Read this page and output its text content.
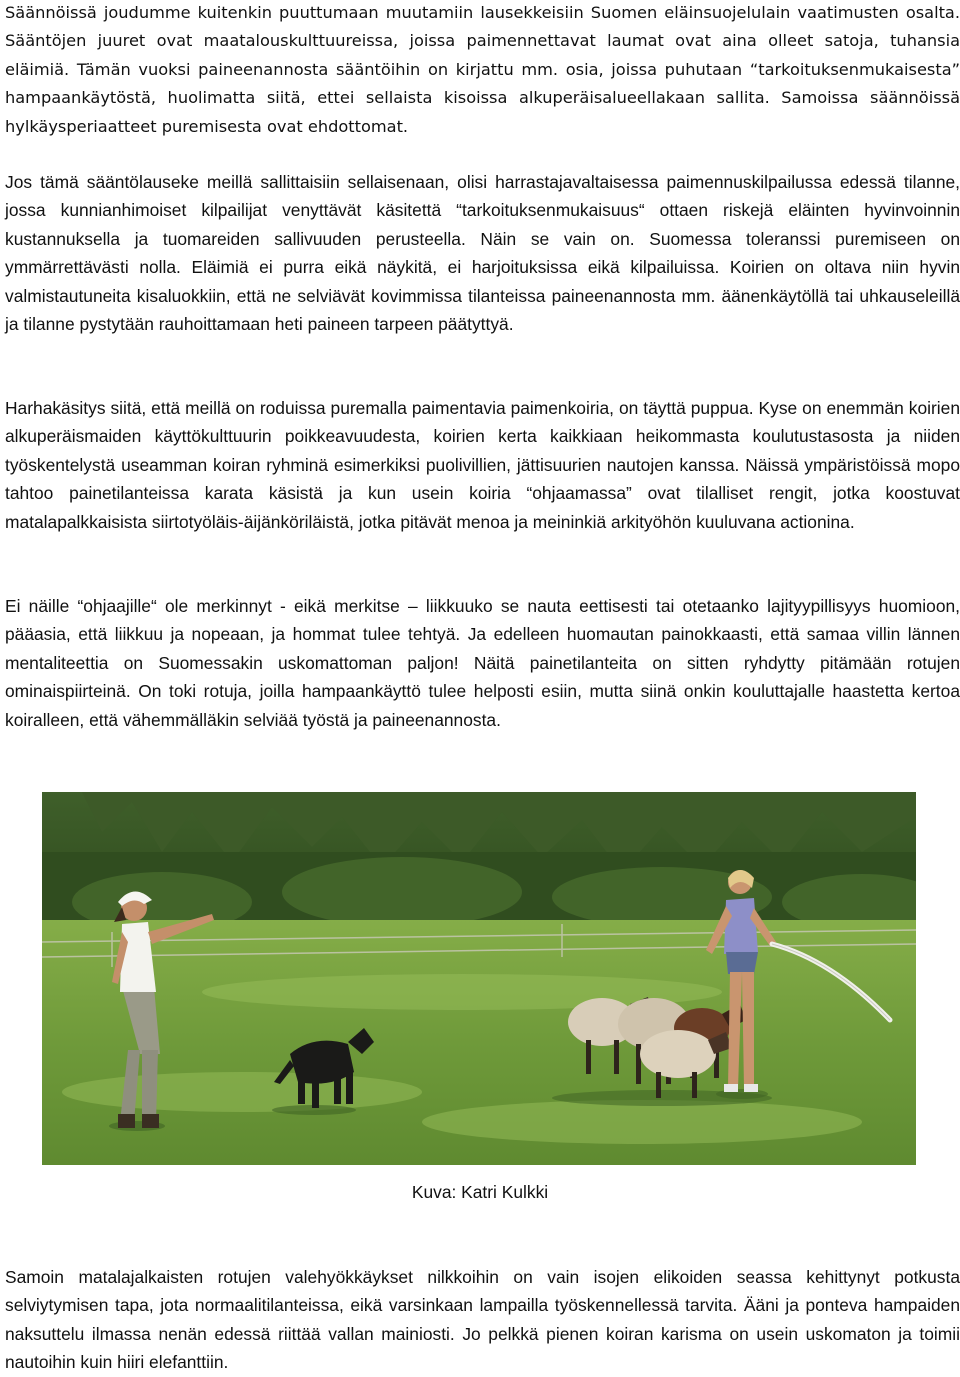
Säännöissä joudumme kuitenkin puuttumaan muutamiin lausekkeisiin Suomen eläinsuojelulain vaatimusten osalta. Sääntöjen juuret ovat maatalouskulttuureissa, joissa paimennettavat laumat ovat aina olleet satoja, tuhansia eläimiä. Tämän vuoksi paineenannosta sääntöihin on kirjattu mm. osia, joissa puhutaan “tarkoituksenmukaisesta” hampaankäytöstä, huolimatta siitä, ettei sellaista kisoissa alkuperäisalueellakaan sallita. Samoissa säännöissä hylkäysperiaatteet puremisesta ovat ehdottomat.

Jos tämä sääntölauseke meillä sallittaisiin sellaisenaan, olisi harrastajavaltaisessa paimennuskilpailussa edessä tilanne, jossa kunnianhimoiset kilpailijat venyttävät käsitettä “tarkoituksenmukaisuus“ ottaen riskejä eläinten hyvinvoinnin kustannuksella ja tuomareiden sallivuuden perusteella. Näin se vain on. Suomessa toleranssi puremiseen on ymmärrettävästi nolla. Eläimiä ei purra eikä näykitä, ei harjoituksissa eikä kilpailuissa. Koirien on oltava niin hyvin valmistautuneita kisaluokkiin, että ne selviävät kovimmissa tilanteissa paineenannosta mm. äänenkäytöllä tai uhkauseleillä ja tilanne pystytään rauhoittamaan heti paineen tarpeen päätyttyä.

Harhakäsitys siitä, että meillä on roduissa puremalla paimentavia paimenkoiria, on täyttä puppua. Kyse on enemmän koirien alkuperäismaiden käyttökulttuurin poikkeavuudesta, koirien kerta kaikkiaan heikommasta koulutustasosta ja niiden työskentelystä useamman koiran ryhminä esimerkiksi puolivillien, jättisuurien nautojen kanssa. Näissä ympäristöissä mopo tahtoo painetilanteissa karata käsistä ja kun usein koiria “ohjaamassa” ovat tilalliset rengit, jotka koostuvat matalapalkkaisista siirtotyöläis-äijänköriläistä, jotka pitävät menoa ja meininkiä arkityöhön kuuluvana actionina.

Ei näille “ohjaajille“ ole merkinnyt - eikä merkitse – liikkuuko se nauta eettisesti tai otetaanko lajityypillisyys huomioon, pääasia, että liikkuu ja nopeaan, ja hommat tulee tehtyä. Ja edelleen huomautan painokkaasti, että samaa villin lännen mentaliteettia on Suomessakin uskomattoman paljon! Näitä painetilanteita on sitten ryhdytty pitämään rotujen ominaispiirteinä. On toki rotuja, joilla hampaankäyttö tulee helposti esiin, mutta siinä onkin kouluttajalle haastetta kertoa koiralleen, että vähemmälläkin selviää työstä ja paineenannosta.

Kuva: Katri Kulkki

Samoin matalajalkaisten rotujen valehyökkäykset nilkkoihin on vain isojen elikoiden seassa kehittynyt potkusta selviytymisen tapa, jota normaalitilanteissa, eikä varsinkaan lampailla työskennellessä tarvita. Ääni ja ponteva hampaiden naksuttelu ilmassa nenän edessä riittää vallan mainiosti. Jo pelkkä pienen koiran karisma on usein uskomaton ja toimii nautoihin kuin hiiri elefanttiin.
